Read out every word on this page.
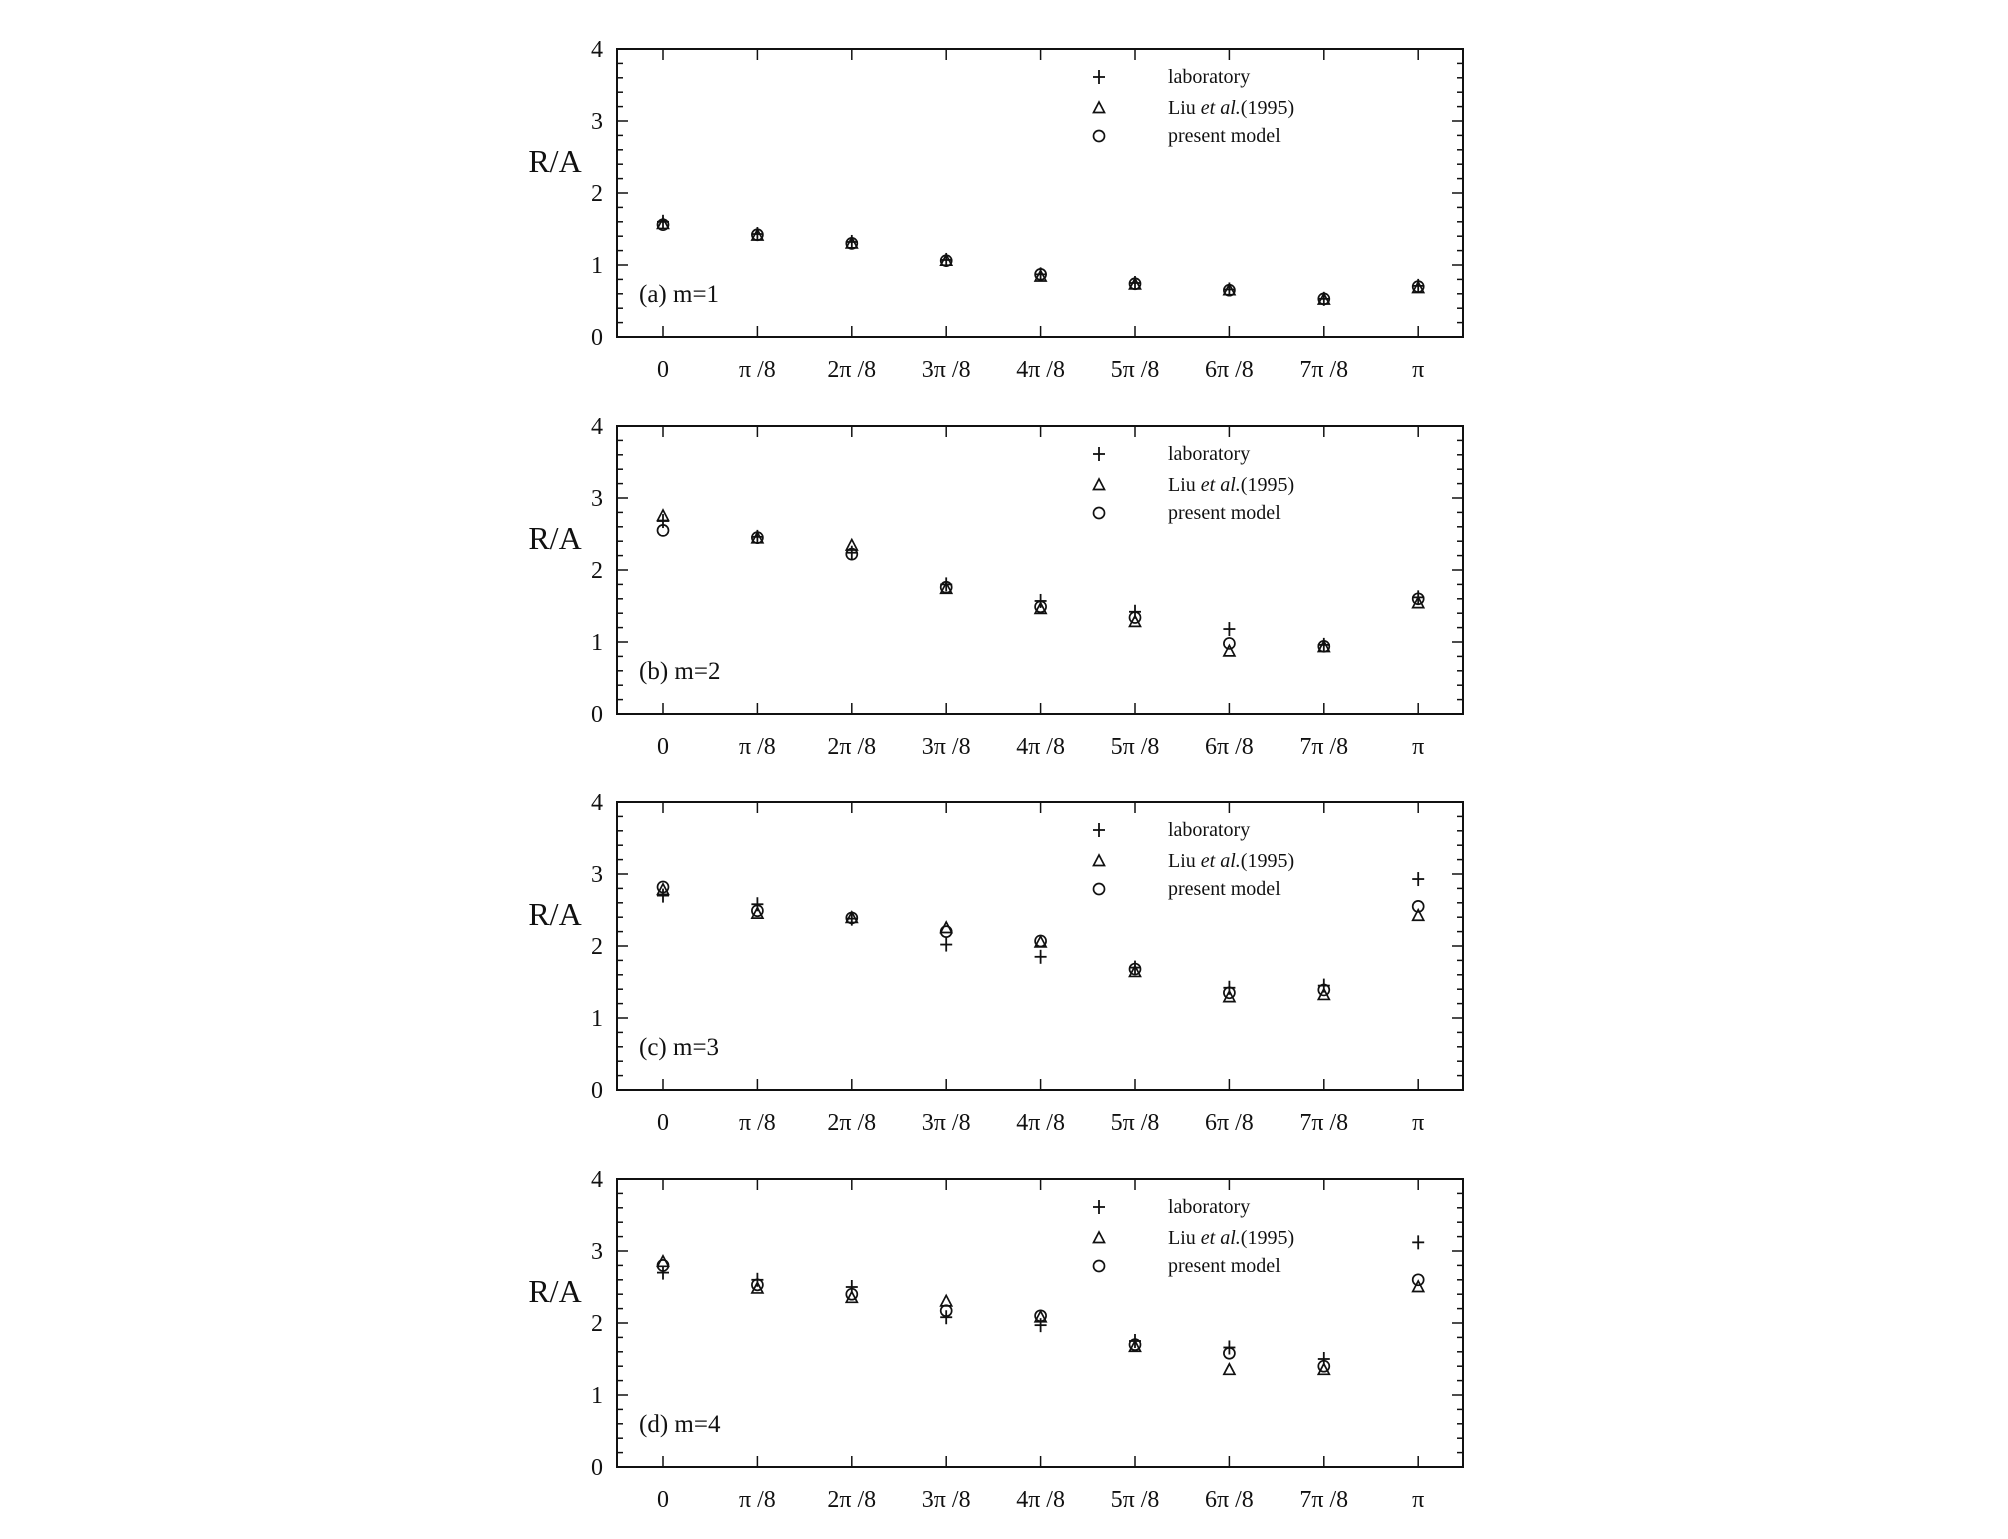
0
1
2
3
4
0	π /8 2π /8 3π /8 4π /8 5π /8 6π /8 7π /8	π
R/A
(a) m=1
laboratory
Liu et al.(1995)
present model
0
1
2
3
4
0	π /8 2π /8 3π /8 4π /8 5π /8 6π /8 7π /8	π
R/A
(b) m=2
laboratory
Liu et al.(1995)
present model
0
1
2
3
4
0	π /8 2π /8 3π /8 4π /8 5π /8 6π /8 7π /8	π
R/A
(c) m=3
laboratory
Liu et al.(1995)
present model
0
1
2
3
4
0	π /8 2π /8 3π /8 4π /8 5π /8 6π /8 7π /8	π
R/A
(d) m=4
laboratory
Liu et al.(1995)
present model
